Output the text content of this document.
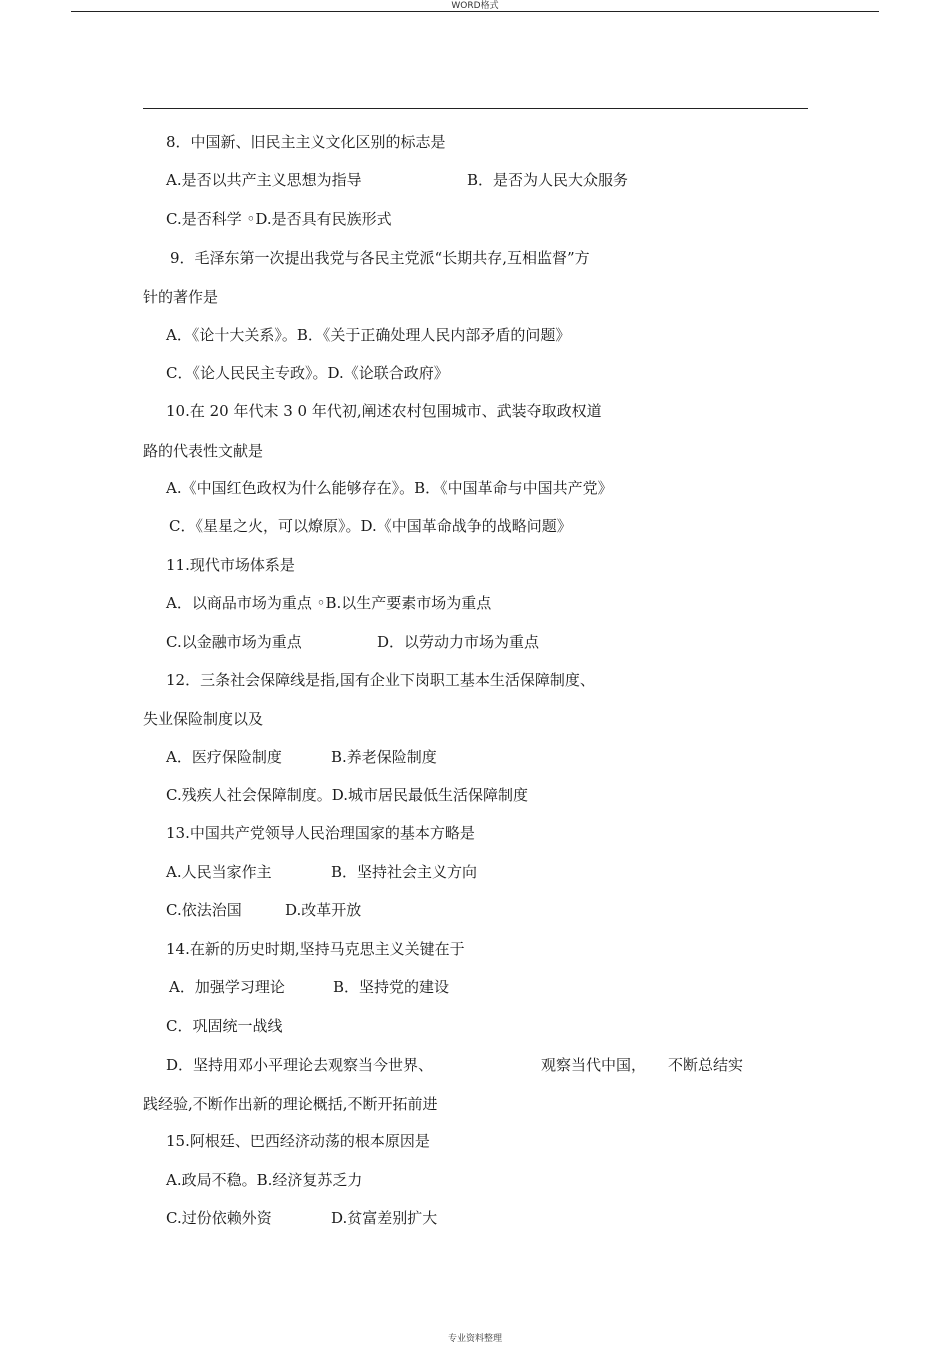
WORD格式
8．中国新、旧民主主义文化区别的标志是
A.是否以共产主义思想为指导	B．是否为人民大众服务
C.是否科学 ◦D.是否具有民族形式
9．毛泽东第一次提出我党与各民主党派“长期共存,互相监督”方
针的著作是
A．《论十大关系》。B．《关于正确处理人民内部矛盾的问题》
C．《论人民民主专政》。D.《论联合政府》
10.在 20 年代末 3 0 年代初,阐述农村包围城市、武装夺取政权道
路的代表性文献是
A.《中国红色政权为什么能够存在》。B．《中国革命与中国共产党》
C．《星星之火，可以燎原》。D.《中国革命战争的战略问题》
11.现代市场体系是
A．以商品市场为重点 ◦B.以生产要素市场为重点
C.以金融市场为重点	D．以劳动力市场为重点
12．三条社会保障线是指,国有企业下岗职工基本生活保障制度、
失业保险制度以及
A．医疗保险制度	B.养老保险制度
C.残疾人社会保障制度。D.城市居民最低生活保障制度
13.中国共产党领导人民治理国家的基本方略是
A.人民当家作主	B．坚持社会主义方向
C.依法治国	D.改革开放
14.在新的历史时期,坚持马克思主义关键在于
A．加强学习理论	B．坚持党的建设
C．巩固统一战线
D．坚持用邓小平理论去观察当今世界、	观察当代中国， 不断总结实
践经验,不断作出新的理论概括,不断开拓前进
15.阿根廷、巴西经济动荡的根本原因是
A.政局不稳。B.经济复苏乏力
C.过份依赖外资	D.贫富差别扩大
专业资料整理
